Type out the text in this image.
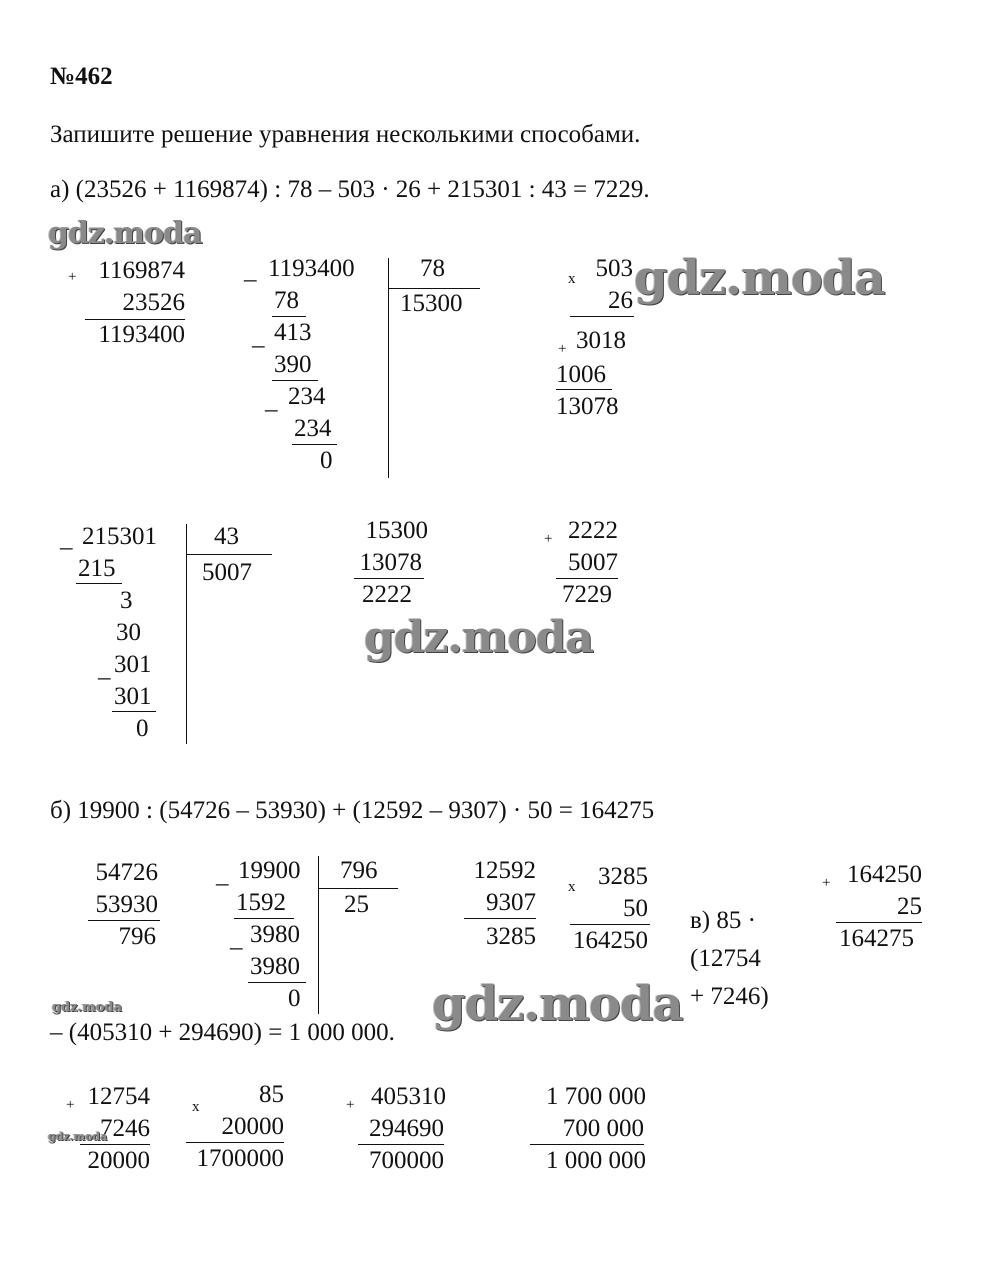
№462
Запишите решение уравнения несколькими способами.
а) (23526 + 1169874) : 78 – 503 · 26 + 215301 : 43 = 7229.
+ 1169874
23526
1193400
_ 1193400
78
_ 413
390
_ 234
234
0
78
15300
x 503
26
+ 3018
1006
13078
_ 215301
215
3
30
_ 301
301
0
43
5007
15300
13078
2222
+ 2222
5007
7229
б) 19900 : (54726 – 53930) + (12592 – 9307) · 50 = 164275
54726
53930
796
_ 19900
1592
_ 3980
3980
0
796
25
12592
9307
3285
x 3285
50
164250
в) 85 ·
(12754
+ 7246)
+ 164250
25
164275
– (405310 + 294690) = 1 000 000.
+ 12754
7246
20000
x	85
20000
1700000
+ 405310
294690
700000
1 700 000
700 000
1 000 000
gdz.moda
gdz.moda
gdz.moda
gdz.moda
gdz.moda
gdz.moda
